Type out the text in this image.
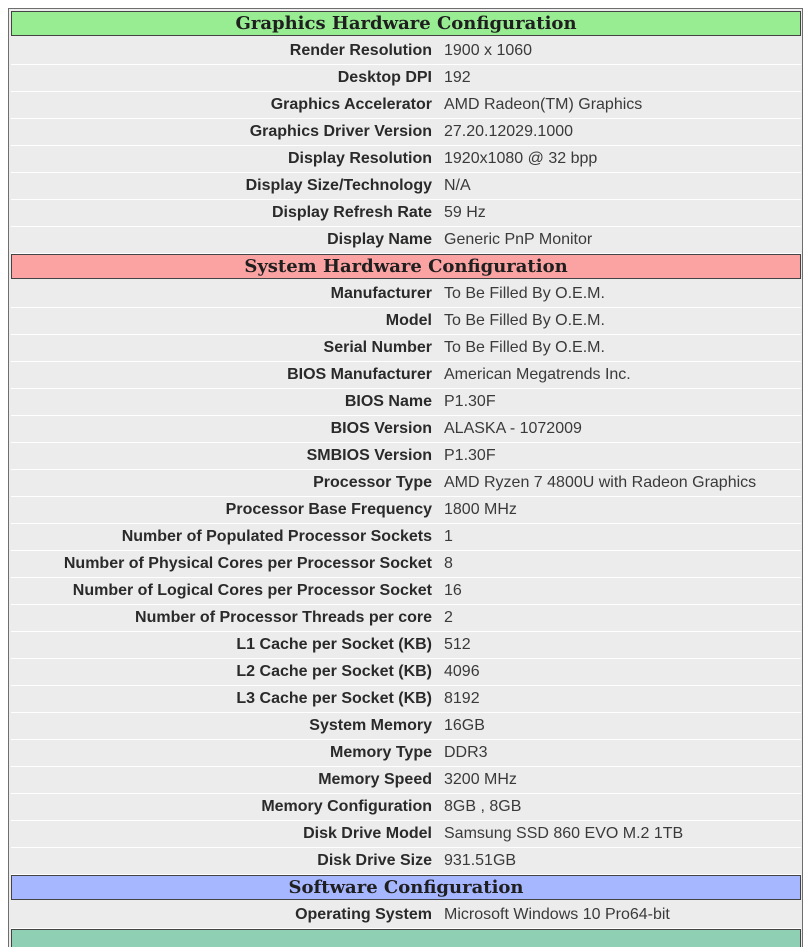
Graphics Hardware Configuration
Render Resolution 1900 x 1060
Desktop DPI 192
Graphics Accelerator AMD Radeon(TM) Graphics
Graphics Driver Version 27.20.12029.1000
Display Resolution 1920x1080 @ 32 bpp
Display Size/Technology N/A
Display Refresh Rate 59 Hz
Display Name Generic PnP Monitor
System Hardware Configuration
Manufacturer To Be Filled By O.E.M.
Model To Be Filled By O.E.M.
Serial Number To Be Filled By O.E.M.
BIOS Manufacturer American Megatrends Inc.
BIOS Name P1.30F
BIOS Version ALASKA - 1072009
SMBIOS Version P1.30F
Processor Type AMD Ryzen 7 4800U with Radeon Graphics
Processor Base Frequency 1800 MHz
Number of Populated Processor Sockets 1
Number of Physical Cores per Processor Socket 8
Number of Logical Cores per Processor Socket 16
Number of Processor Threads per core 2
L1 Cache per Socket (KB) 512
L2 Cache per Socket (KB) 4096
L3 Cache per Socket (KB) 8192
System Memory 16GB
Memory Type DDR3
Memory Speed 3200 MHz
Memory Configuration 8GB , 8GB
Disk Drive Model Samsung SSD 860 EVO M.2 1TB
Disk Drive Size 931.51GB
Software Configuration
Operating System Microsoft Windows 10 Pro64-bit
